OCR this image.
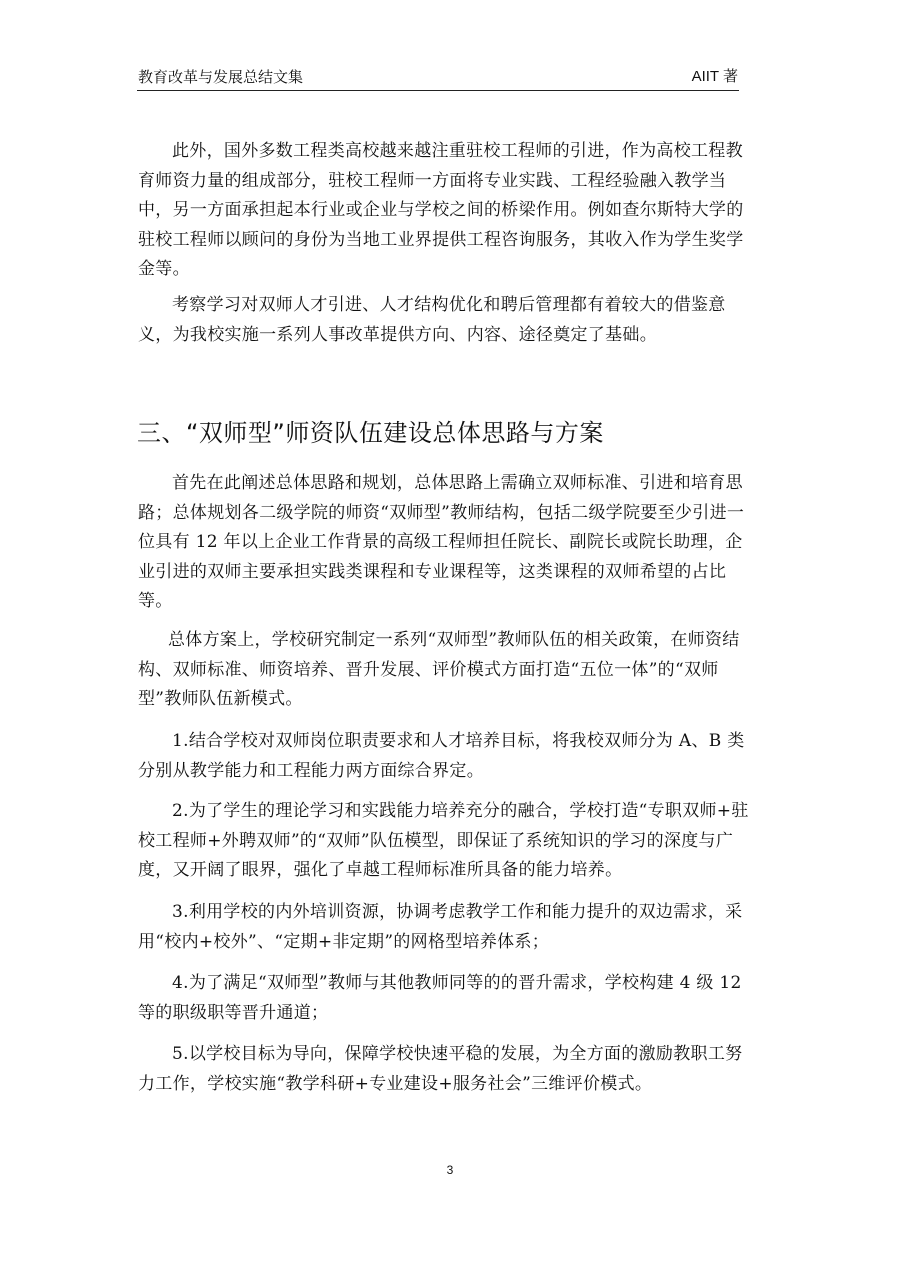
教育改革与发展总结文集	AIIT 著

此外，国外多数工程类高校越来越注重驻校工程师的引进，作为高校工程教育师资力量的组成部分，驻校工程师一方面将专业实践、工程经验融入教学当中，另一方面承担起本行业或企业与学校之间的桥梁作用。例如查尔斯特大学的驻校工程师以顾问的身份为当地工业界提供工程咨询服务，其收入作为学生奖学金等。

考察学习对双师人才引进、人才结构优化和聘后管理都有着较大的借鉴意义，为我校实施一系列人事改革提供方向、内容、途径奠定了基础。

三、“双师型”师资队伍建设总体思路与方案

首先在此阐述总体思路和规划，总体思路上需确立双师标准、引进和培育思路；总体规划各二级学院的师资“双师型”教师结构，包括二级学院要至少引进一位具有 12 年以上企业工作背景的高级工程师担任院长、副院长或院长助理，企业引进的双师主要承担实践类课程和专业课程等，这类课程的双师希望的占比等。

总体方案上，学校研究制定一系列“双师型”教师队伍的相关政策，在师资结构、双师标准、师资培养、晋升发展、评价模式方面打造“五位一体”的“双师型”教师队伍新模式。

1.结合学校对双师岗位职责要求和人才培养目标，将我校双师分为 A、B 类分别从教学能力和工程能力两方面综合界定。

2.为了学生的理论学习和实践能力培养充分的融合，学校打造“专职双师+驻校工程师+外聘双师”的“双师”队伍模型，即保证了系统知识的学习的深度与广度，又开阔了眼界，强化了卓越工程师标准所具备的能力培养。

3.利用学校的内外培训资源，协调考虑教学工作和能力提升的双边需求，采用“校内+校外”、“定期+非定期”的网格型培养体系；

4.为了满足“双师型”教师与其他教师同等的的晋升需求，学校构建 4 级 12 等的职级职等晋升通道；

5.以学校目标为导向，保障学校快速平稳的发展，为全方面的激励教职工努力工作，学校实施“教学科研+专业建设+服务社会”三维评价模式。

3
